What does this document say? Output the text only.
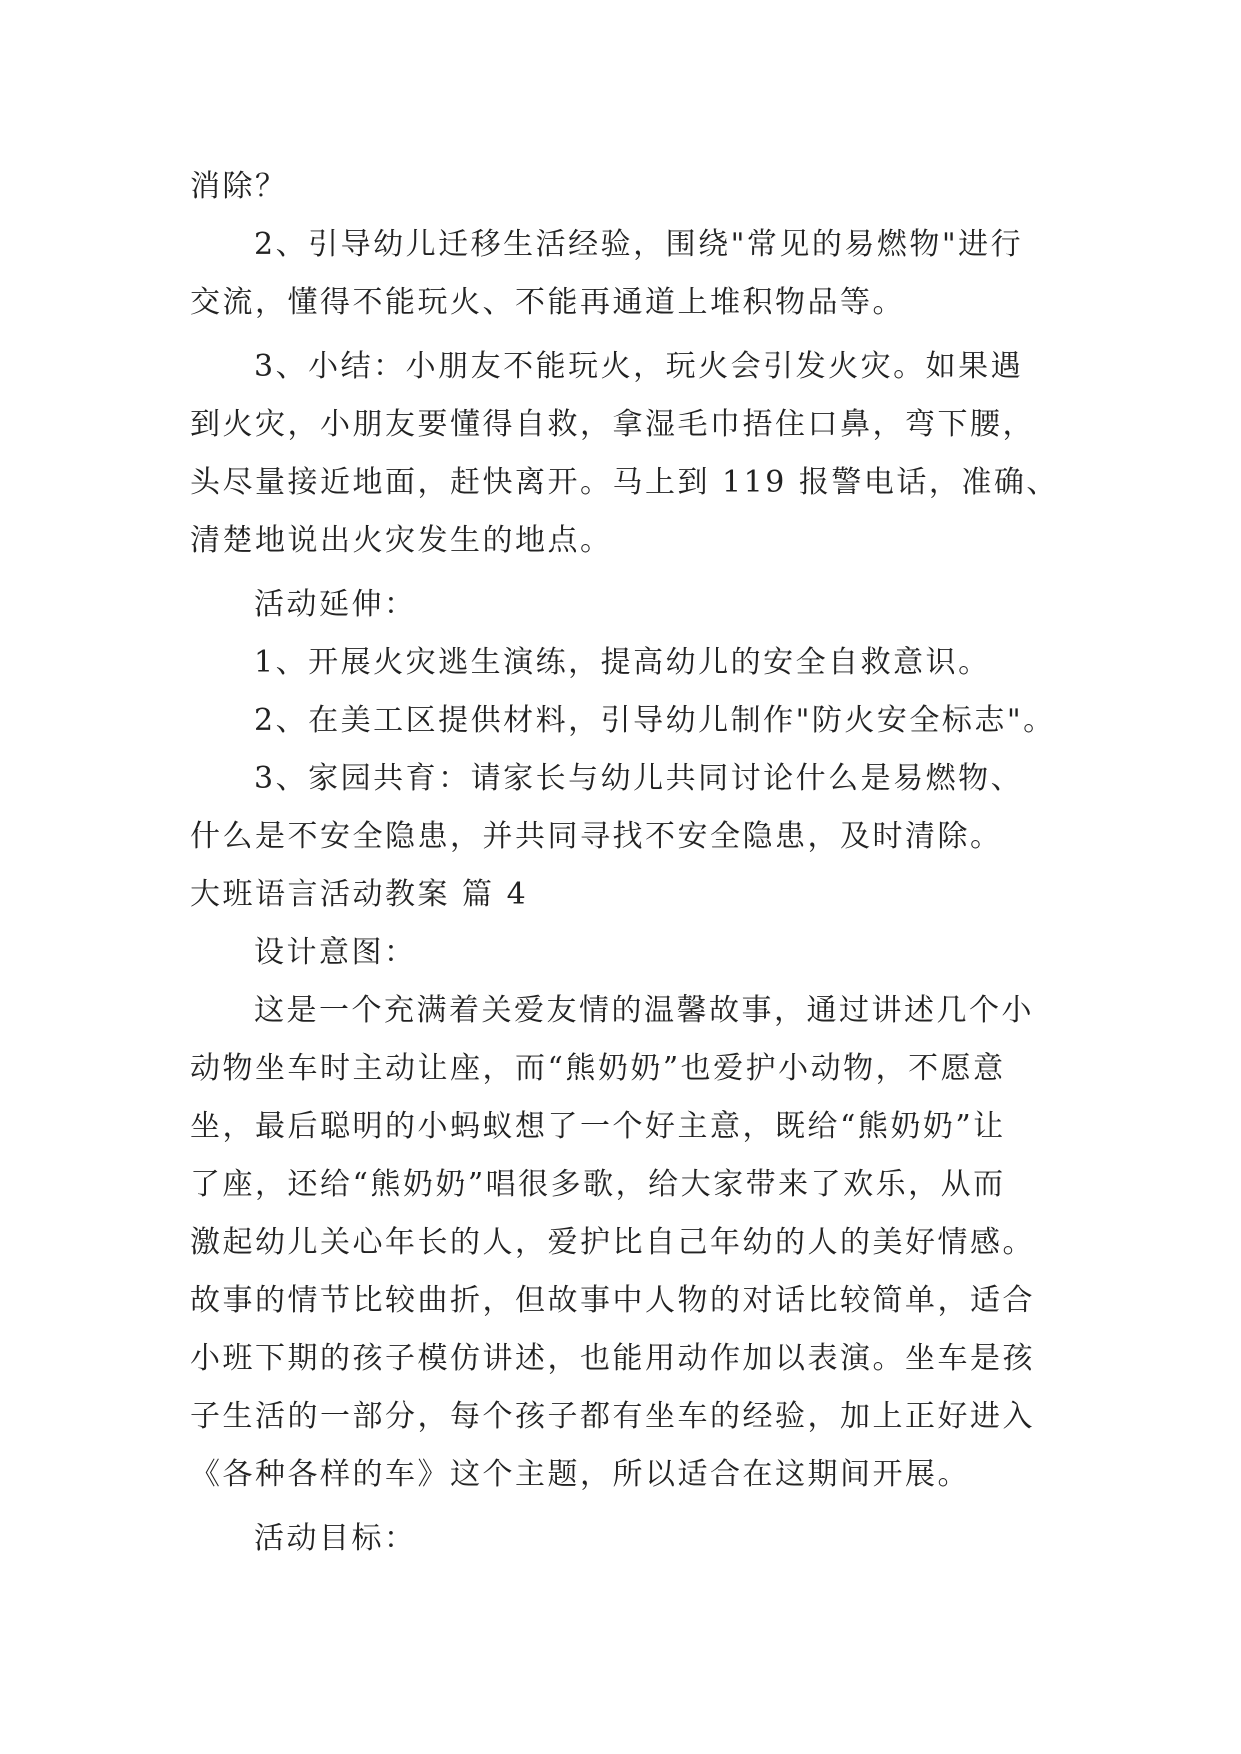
消除？
2、引导幼儿迁移生活经验，围绕"常见的易燃物"进行
交流，懂得不能玩火、不能再通道上堆积物品等。
3、小结：小朋友不能玩火，玩火会引发火灾。如果遇
到火灾，小朋友要懂得自救，拿湿毛巾捂住口鼻，弯下腰，
头尽量接近地面，赶快离开。马上到 119 报警电话，准确、
清楚地说出火灾发生的地点。
活动延伸：
1、开展火灾逃生演练，提高幼儿的安全自救意识。
2、在美工区提供材料，引导幼儿制作"防火安全标志"。
3、家园共育：请家长与幼儿共同讨论什么是易燃物、
什么是不安全隐患，并共同寻找不安全隐患，及时清除。
大班语言活动教案 篇 4
设计意图：
这是一个充满着关爱友情的温馨故事，通过讲述几个小
动物坐车时主动让座，而“熊奶奶”也爱护小动物，不愿意
坐，最后聪明的小蚂蚁想了一个好主意，既给“熊奶奶”让
了座，还给“熊奶奶”唱很多歌，给大家带来了欢乐，从而
激起幼儿关心年长的人，爱护比自己年幼的人的美好情感。
故事的情节比较曲折，但故事中人物的对话比较简单，适合
小班下期的孩子模仿讲述，也能用动作加以表演。坐车是孩
子生活的一部分，每个孩子都有坐车的经验，加上正好进入
《各种各样的车》这个主题，所以适合在这期间开展。
活动目标：
